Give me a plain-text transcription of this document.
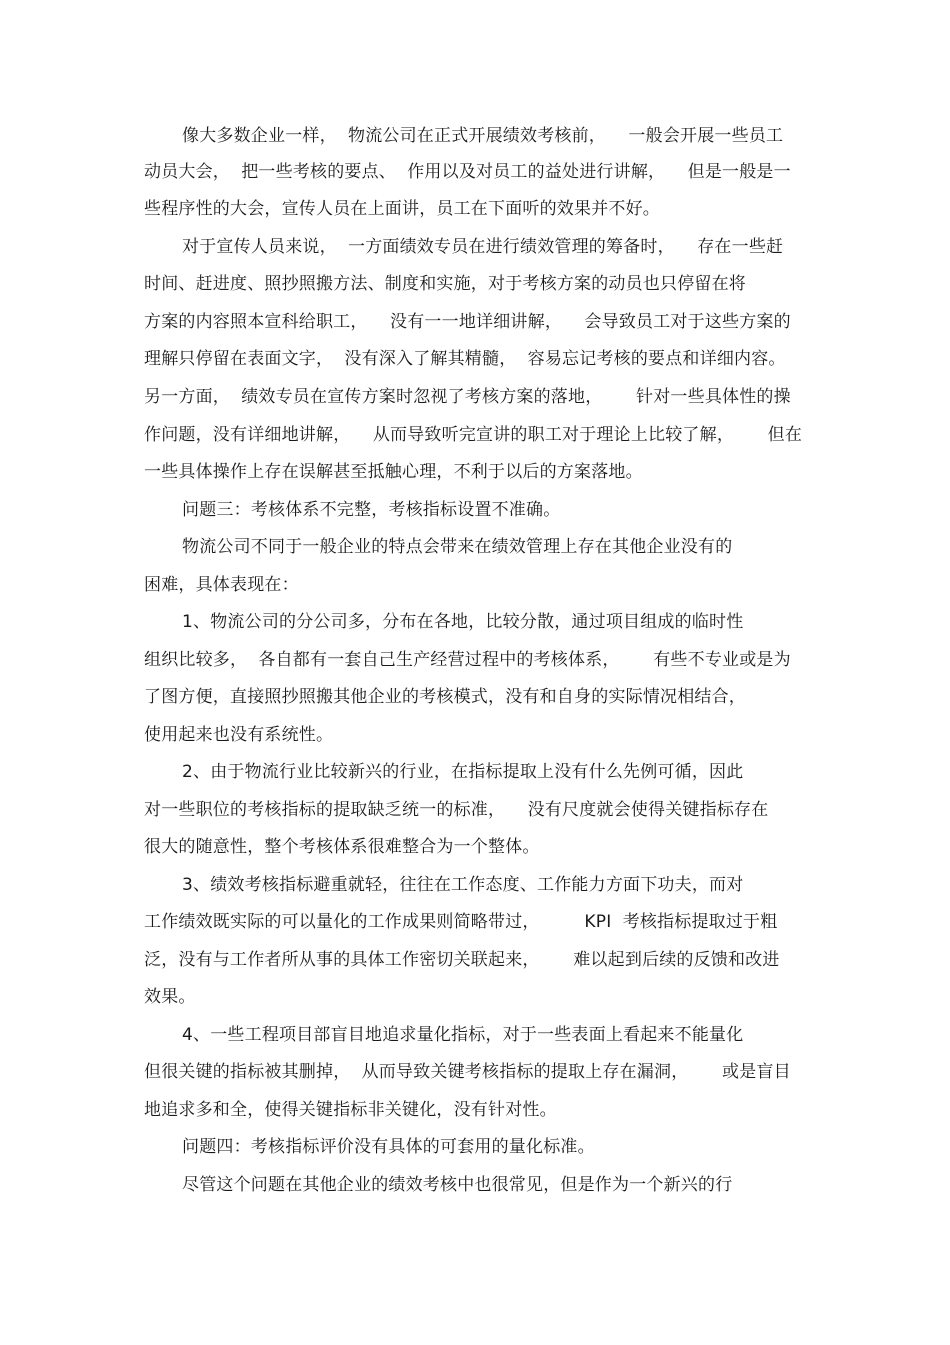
像大多数企业一样，  物流公司在正式开展绩效考核前，    一般会开展一些员工
动员大会，  把一些考核的要点、  作用以及对员工的益处进行讲解，    但是一般是一
些程序性的大会，宣传人员在上面讲，员工在下面听的效果并不好。
对于宣传人员来说，  一方面绩效专员在进行绩效管理的筹备时，    存在一些赶
时间、赶进度、照抄照搬方法、制度和实施，对于考核方案的动员也只停留在将
方案的内容照本宣科给职工，    没有一一地详细讲解，    会导致员工对于这些方案的
理解只停留在表面文字，  没有深入了解其精髓，  容易忘记考核的要点和详细内容。
另一方面，  绩效专员在宣传方案时忽视了考核方案的落地，      针对一些具体性的操
作问题，没有详细地讲解，    从而导致听完宣讲的职工对于理论上比较了解，      但在
一些具体操作上存在误解甚至抵触心理，不利于以后的方案落地。
问题三：考核体系不完整，考核指标设置不准确。
物流公司不同于一般企业的特点会带来在绩效管理上存在其他企业没有的
困难，具体表现在：
1、物流公司的分公司多，分布在各地，比较分散，通过项目组成的临时性
组织比较多，  各自都有一套自己生产经营过程中的考核体系，      有些不专业或是为
了图方便，直接照抄照搬其他企业的考核模式，没有和自身的实际情况相结合，
使用起来也没有系统性。
2、由于物流行业比较新兴的行业，在指标提取上没有什么先例可循，因此
对一些职位的考核指标的提取缺乏统一的标准，    没有尺度就会使得关键指标存在
很大的随意性，整个考核体系很难整合为一个整体。
3、绩效考核指标避重就轻，往往在工作态度、工作能力方面下功夫，而对
工作绩效既实际的可以量化的工作成果则简略带过，        KPI  考核指标提取过于粗
泛，没有与工作者所从事的具体工作密切关联起来，      难以起到后续的反馈和改进
效果。
4、一些工程项目部盲目地追求量化指标，对于一些表面上看起来不能量化
但很关键的指标被其删掉，  从而导致关键考核指标的提取上存在漏洞，      或是盲目
地追求多和全，使得关键指标非关键化，没有针对性。
问题四：考核指标评价没有具体的可套用的量化标准。
尽管这个问题在其他企业的绩效考核中也很常见，但是作为一个新兴的行
